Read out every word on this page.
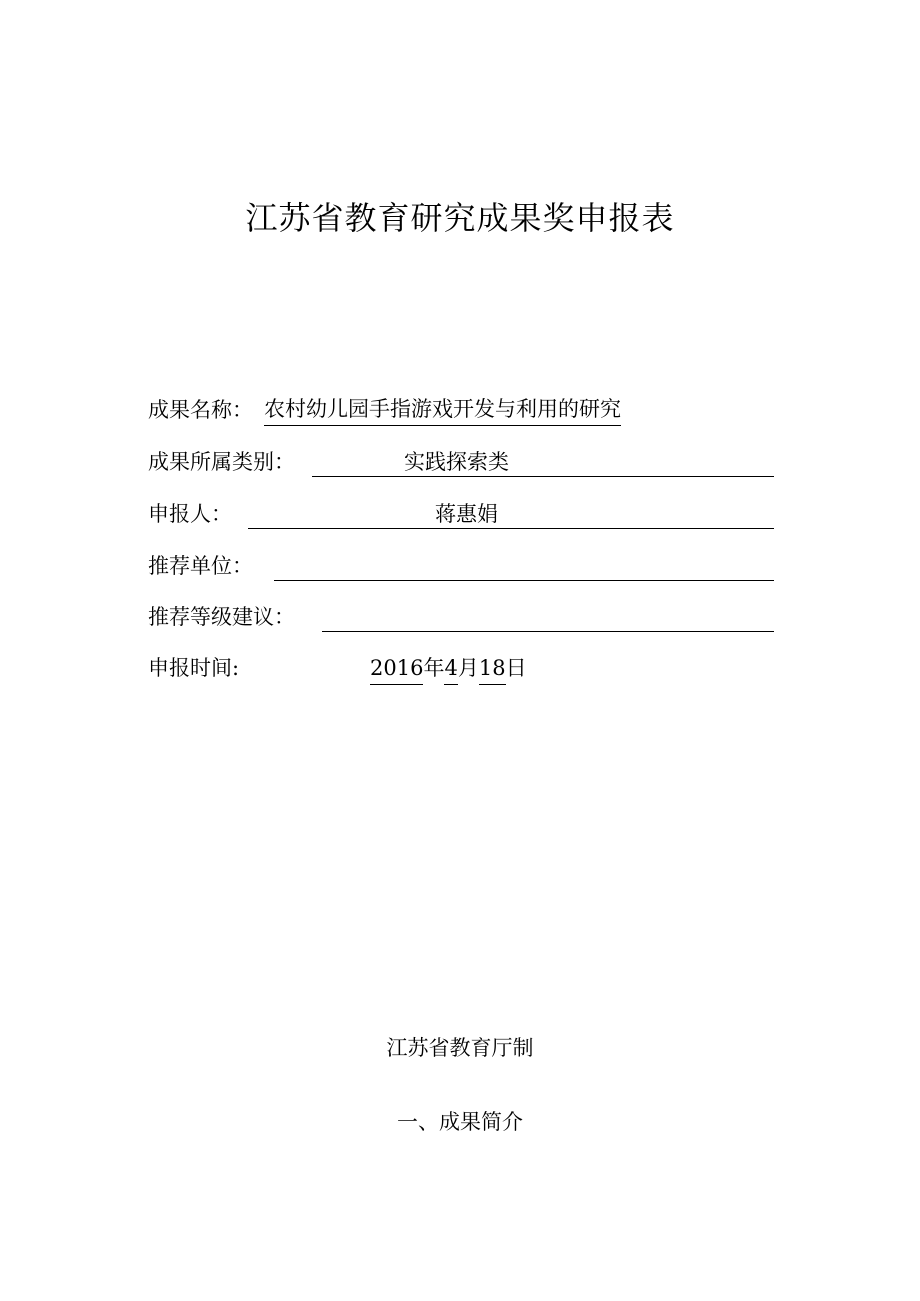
江苏省教育研究成果奖申报表
成果名称： 农村幼儿园手指游戏开发与利用的研究
成果所属类别：	实践探索类
申报人：	蒋惠娟
推荐单位：
推荐等级建议：
申报时间:	2016年4月18日
江苏省教育厅制
一、成果简介
